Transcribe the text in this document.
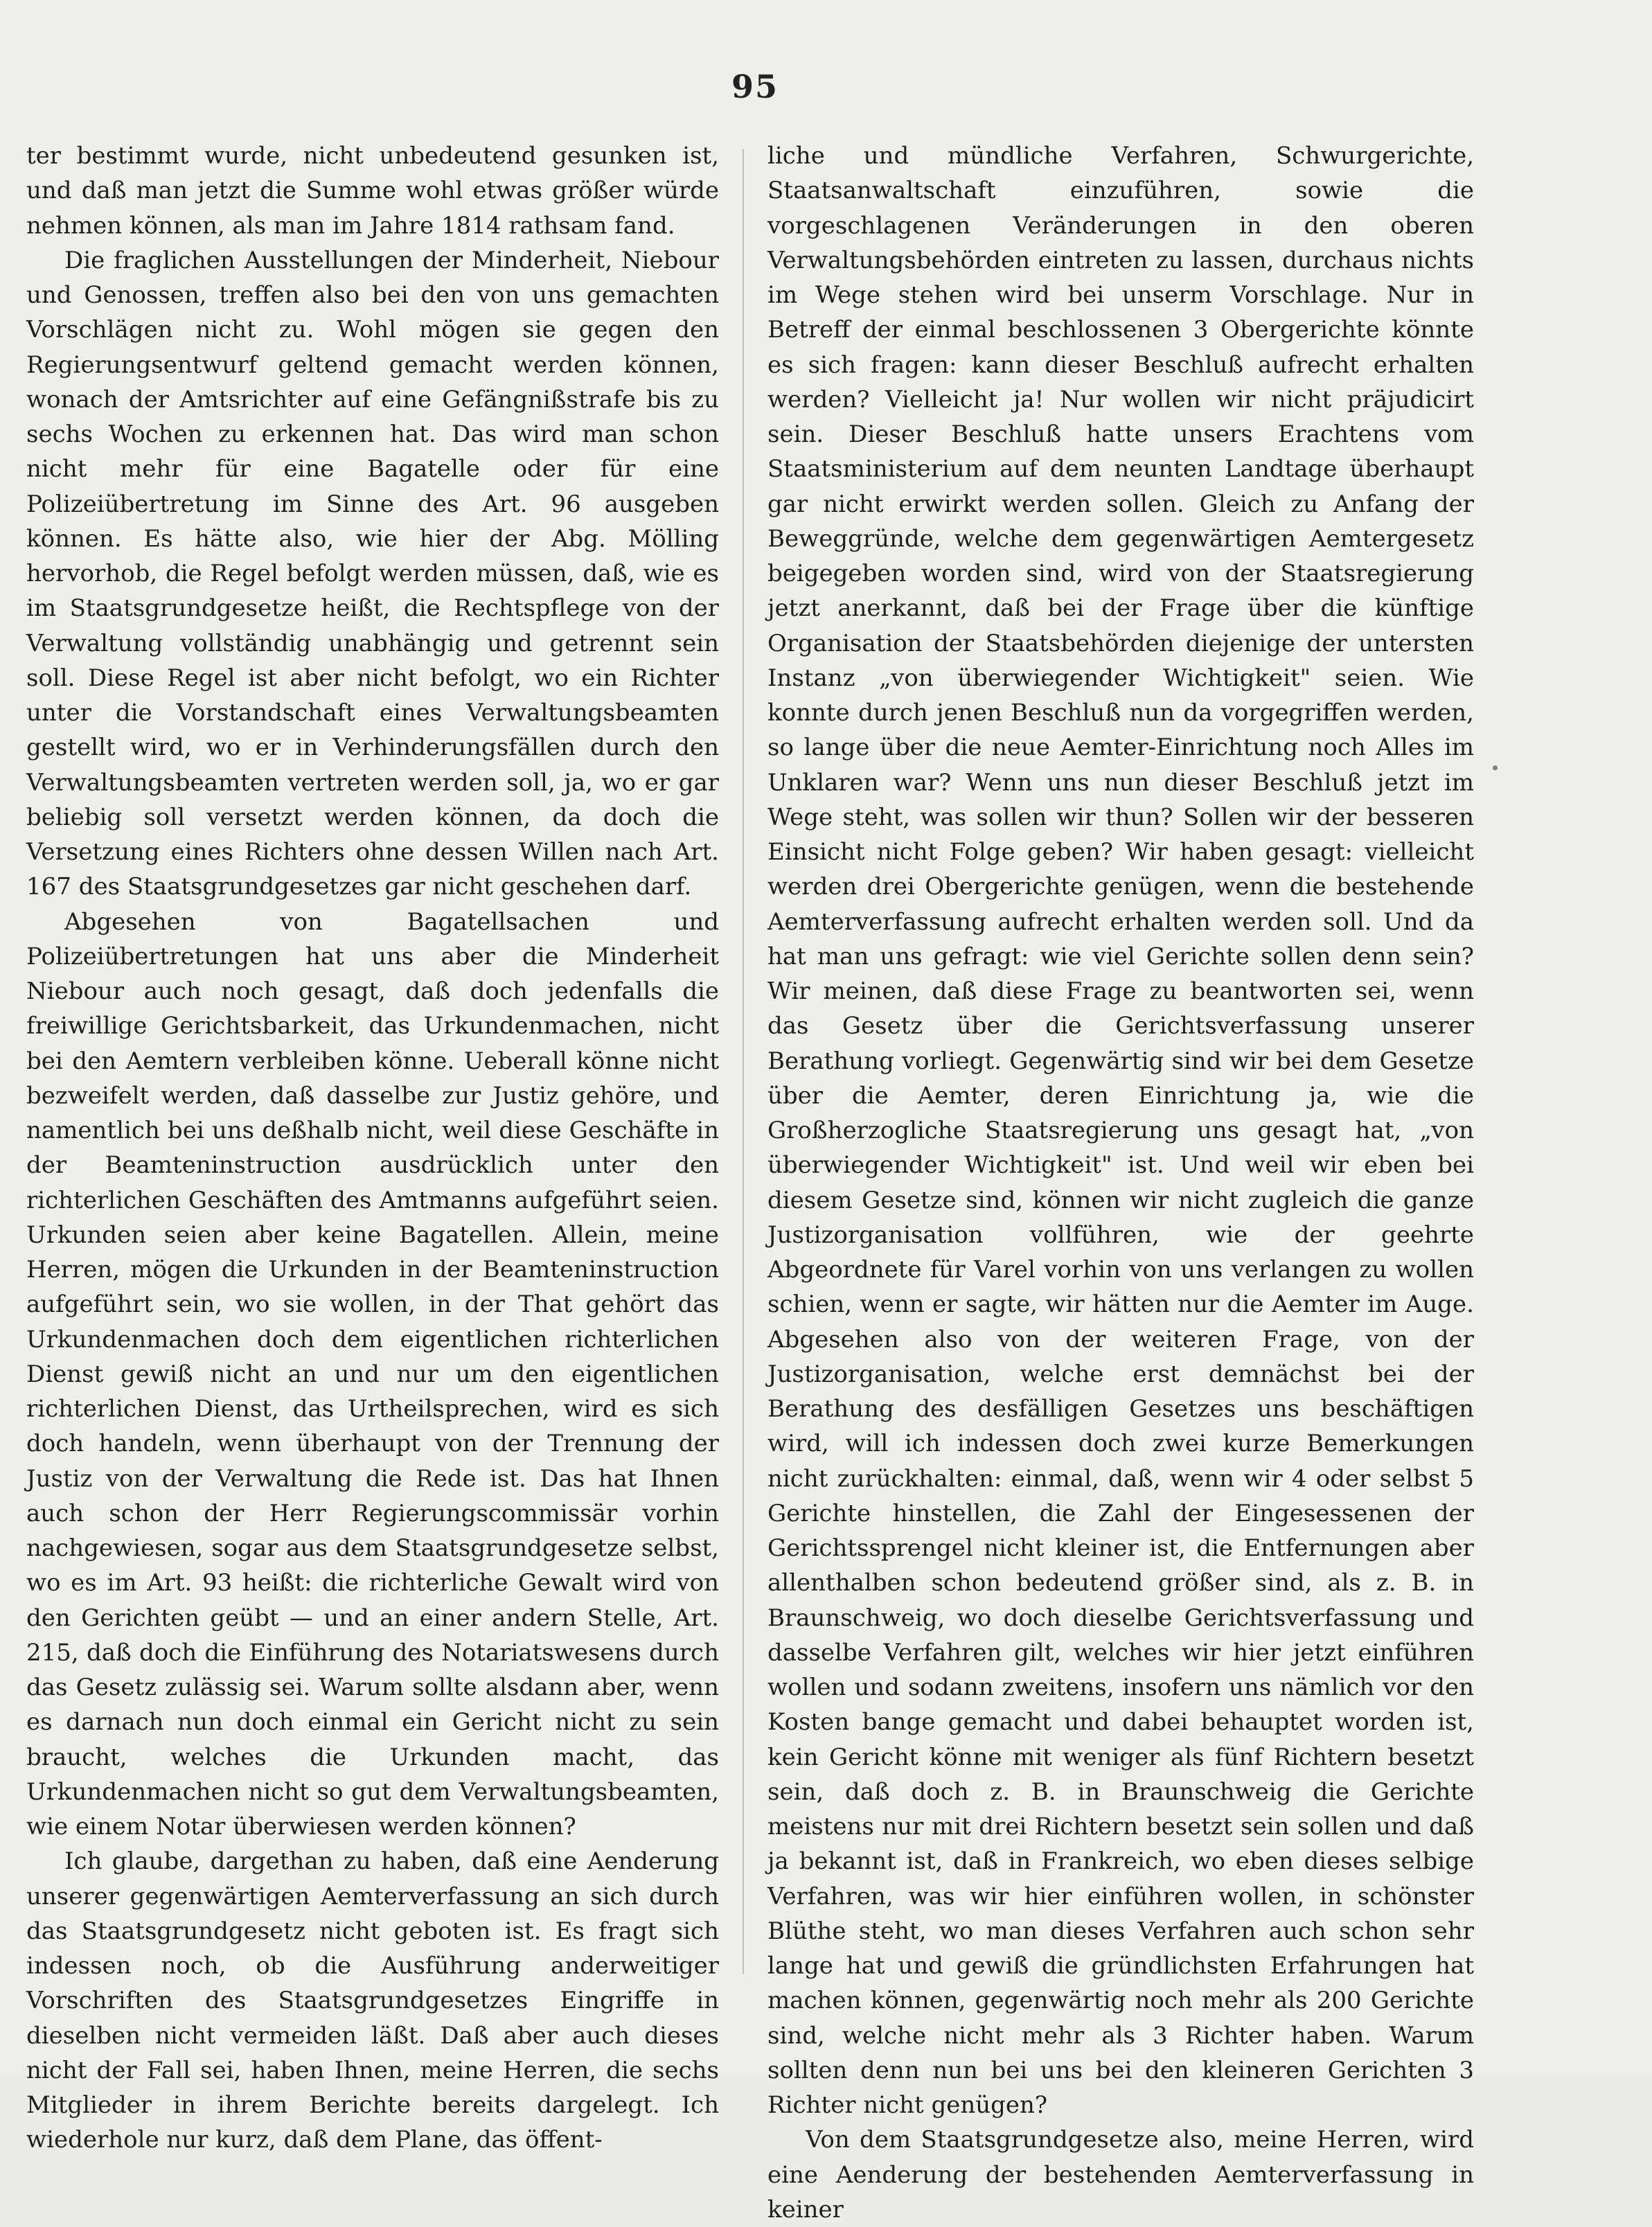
95

ter bestimmt wurde, nicht unbedeutend gesunken ist, und daß man jetzt die Summe wohl etwas größer würde nehmen können, als man im Jahre 1814 rathsam fand.

Die fraglichen Ausstellungen der Minderheit, Niebour und Genossen, treffen also bei den von uns gemachten Vorschlägen nicht zu. Wohl mögen sie gegen den Regierungsentwurf geltend gemacht werden können, wonach der Amtsrichter auf eine Gefängnißstrafe bis zu sechs Wochen zu erkennen hat. Das wird man schon nicht mehr für eine Bagatelle oder für eine Polizeiübertretung im Sinne des Art. 96 ausgeben können. Es hätte also, wie hier der Abg. Mölling hervorhob, die Regel befolgt werden müssen, daß, wie es im Staatsgrundgesetze heißt, die Rechtspflege von der Verwaltung vollständig unabhängig und getrennt sein soll. Diese Regel ist aber nicht befolgt, wo ein Richter unter die Vorstandschaft eines Verwaltungsbeamten gestellt wird, wo er in Verhinderungsfällen durch den Verwaltungsbeamten vertreten werden soll, ja, wo er gar beliebig soll versetzt werden können, da doch die Versetzung eines Richters ohne dessen Willen nach Art. 167 des Staatsgrundgesetzes gar nicht geschehen darf.

Abgesehen von Bagatellsachen und Polizeiübertretungen hat uns aber die Minderheit Niebour auch noch gesagt, daß doch jedenfalls die freiwillige Gerichtsbarkeit, das Urkundenmachen, nicht bei den Aemtern verbleiben könne. Ueberall könne nicht bezweifelt werden, daß dasselbe zur Justiz gehöre, und namentlich bei uns deßhalb nicht, weil diese Geschäfte in der Beamteninstruction ausdrücklich unter den richterlichen Geschäften des Amtmanns aufgeführt seien. Urkunden seien aber keine Bagatellen. Allein, meine Herren, mögen die Urkunden in der Beamteninstruction aufgeführt sein, wo sie wollen, in der That gehört das Urkundenmachen doch dem eigentlichen richterlichen Dienst gewiß nicht an und nur um den eigentlichen richterlichen Dienst, das Urtheilsprechen, wird es sich doch handeln, wenn überhaupt von der Trennung der Justiz von der Verwaltung die Rede ist. Das hat Ihnen auch schon der Herr Regierungscommissär vorhin nachgewiesen, sogar aus dem Staatsgrundgesetze selbst, wo es im Art. 93 heißt: die richterliche Gewalt wird von den Gerichten geübt — und an einer andern Stelle, Art. 215, daß doch die Einführung des Notariatswesens durch das Gesetz zulässig sei. Warum sollte alsdann aber, wenn es darnach nun doch einmal ein Gericht nicht zu sein braucht, welches die Urkunden macht, das Urkundenmachen nicht so gut dem Verwaltungsbeamten, wie einem Notar überwiesen werden können?

Ich glaube, dargethan zu haben, daß eine Aenderung unserer gegenwärtigen Aemterverfassung an sich durch das Staatsgrundgesetz nicht geboten ist. Es fragt sich indessen noch, ob die Ausführung anderweitiger Vorschriften des Staatsgrundgesetzes Eingriffe in dieselben nicht vermeiden läßt. Daß aber auch dieses nicht der Fall sei, haben Ihnen, meine Herren, die sechs Mitglieder in ihrem Berichte bereits dargelegt. Ich wiederhole nur kurz, daß dem Plane, das öffent-

liche und mündliche Verfahren, Schwurgerichte, Staatsanwaltschaft einzuführen, sowie die vorgeschlagenen Veränderungen in den oberen Verwaltungsbehörden eintreten zu lassen, durchaus nichts im Wege stehen wird bei unserm Vorschlage. Nur in Betreff der einmal beschlossenen 3 Obergerichte könnte es sich fragen: kann dieser Beschluß aufrecht erhalten werden? Vielleicht ja! Nur wollen wir nicht präjudicirt sein. Dieser Beschluß hatte unsers Erachtens vom Staatsministerium auf dem neunten Landtage überhaupt gar nicht erwirkt werden sollen. Gleich zu Anfang der Beweggründe, welche dem gegenwärtigen Aemtergesetz beigegeben worden sind, wird von der Staatsregierung jetzt anerkannt, daß bei der Frage über die künftige Organisation der Staatsbehörden diejenige der untersten Instanz „von überwiegender Wichtigkeit" seien. Wie konnte durch jenen Beschluß nun da vorgegriffen werden, so lange über die neue Aemter-Einrichtung noch Alles im Unklaren war? Wenn uns nun dieser Beschluß jetzt im Wege steht, was sollen wir thun? Sollen wir der besseren Einsicht nicht Folge geben? Wir haben gesagt: vielleicht werden drei Obergerichte genügen, wenn die bestehende Aemterverfassung aufrecht erhalten werden soll. Und da hat man uns gefragt: wie viel Gerichte sollen denn sein? Wir meinen, daß diese Frage zu beantworten sei, wenn das Gesetz über die Gerichtsverfassung unserer Berathung vorliegt. Gegenwärtig sind wir bei dem Gesetze über die Aemter, deren Einrichtung ja, wie die Großherzogliche Staatsregierung uns gesagt hat, „von überwiegender Wichtigkeit" ist. Und weil wir eben bei diesem Gesetze sind, können wir nicht zugleich die ganze Justizorganisation vollführen, wie der geehrte Abgeordnete für Varel vorhin von uns verlangen zu wollen schien, wenn er sagte, wir hätten nur die Aemter im Auge. Abgesehen also von der weiteren Frage, von der Justizorganisation, welche erst demnächst bei der Berathung des desfälligen Gesetzes uns beschäftigen wird, will ich indessen doch zwei kurze Bemerkungen nicht zurückhalten: einmal, daß, wenn wir 4 oder selbst 5 Gerichte hinstellen, die Zahl der Eingesessenen der Gerichtssprengel nicht kleiner ist, die Entfernungen aber allenthalben schon bedeutend größer sind, als z. B. in Braunschweig, wo doch dieselbe Gerichtsverfassung und dasselbe Verfahren gilt, welches wir hier jetzt einführen wollen und sodann zweitens, insofern uns nämlich vor den Kosten bange gemacht und dabei behauptet worden ist, kein Gericht könne mit weniger als fünf Richtern besetzt sein, daß doch z. B. in Braunschweig die Gerichte meistens nur mit drei Richtern besetzt sein sollen und daß ja bekannt ist, daß in Frankreich, wo eben dieses selbige Verfahren, was wir hier einführen wollen, in schönster Blüthe steht, wo man dieses Verfahren auch schon sehr lange hat und gewiß die gründlichsten Erfahrungen hat machen können, gegenwärtig noch mehr als 200 Gerichte sind, welche nicht mehr als 3 Richter haben. Warum sollten denn nun bei uns bei den kleineren Gerichten 3 Richter nicht genügen?

Von dem Staatsgrundgesetze also, meine Herren, wird eine Aenderung der bestehenden Aemterverfassung in keiner
